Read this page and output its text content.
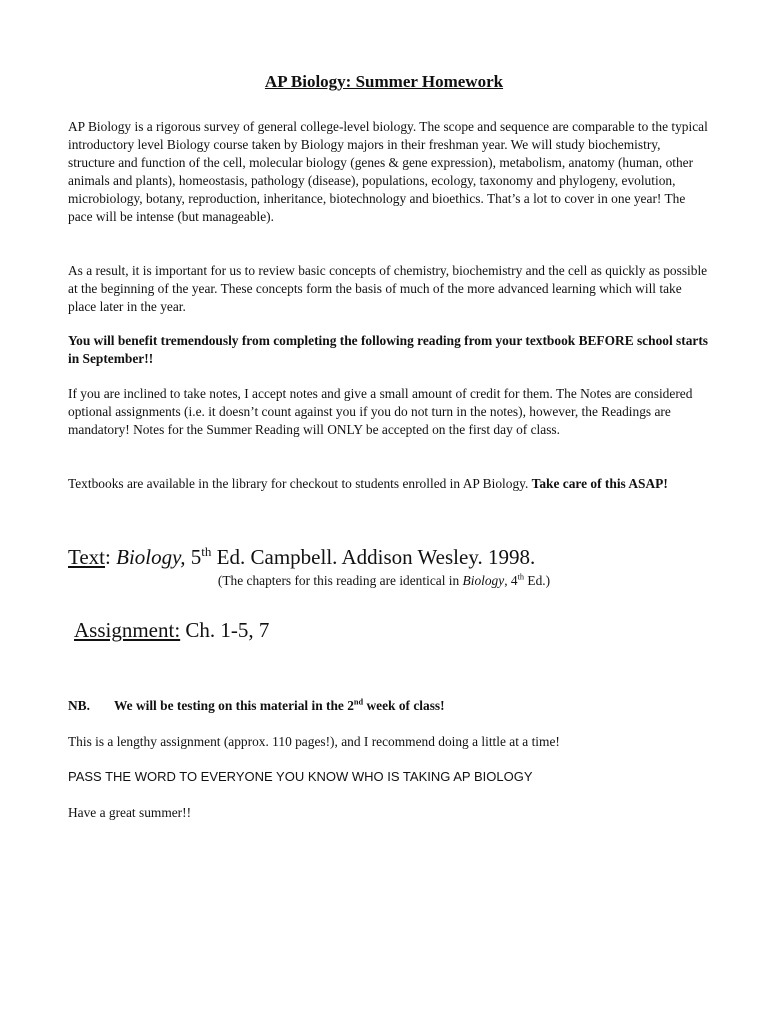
AP Biology: Summer Homework

AP Biology is a rigorous survey of general college-level biology. The scope and sequence are comparable to the typical introductory level Biology course taken by Biology majors in their freshman year. We will study biochemistry, structure and function of the cell, molecular biology (genes & gene expression), metabolism, anatomy (human, other animals and plants), homeostasis, pathology (disease), populations, ecology, taxonomy and phylogeny, evolution, microbiology, botany, reproduction, inheritance, biotechnology and bioethics. That’s a lot to cover in one year! The pace will be intense (but manageable).

As a result, it is important for us to review basic concepts of chemistry, biochemistry and the cell as quickly as possible at the beginning of the year. These concepts form the basis of much of the more advanced learning which will take place later in the year.

You will benefit tremendously from completing the following reading from your textbook BEFORE school starts in September!!

If you are inclined to take notes, I accept notes and give a small amount of credit for them. The Notes are considered optional assignments (i.e. it doesn’t count against you if you do not turn in the notes), however, the Readings are mandatory! Notes for the Summer Reading will ONLY be accepted on the first day of class.

Textbooks are available in the library for checkout to students enrolled in AP Biology. Take care of this ASAP!

Text: Biology, 5th Ed. Campbell. Addison Wesley. 1998.
(The chapters for this reading are identical in Biology, 4th Ed.)
Assignment: Ch. 1-5, 7
NB. We will be testing on this material in the 2nd week of class!
This is a lengthy assignment (approx. 110 pages!), and I recommend doing a little at a time!
PASS THE WORD TO EVERYONE YOU KNOW WHO IS TAKING AP BIOLOGY
Have a great summer!!
